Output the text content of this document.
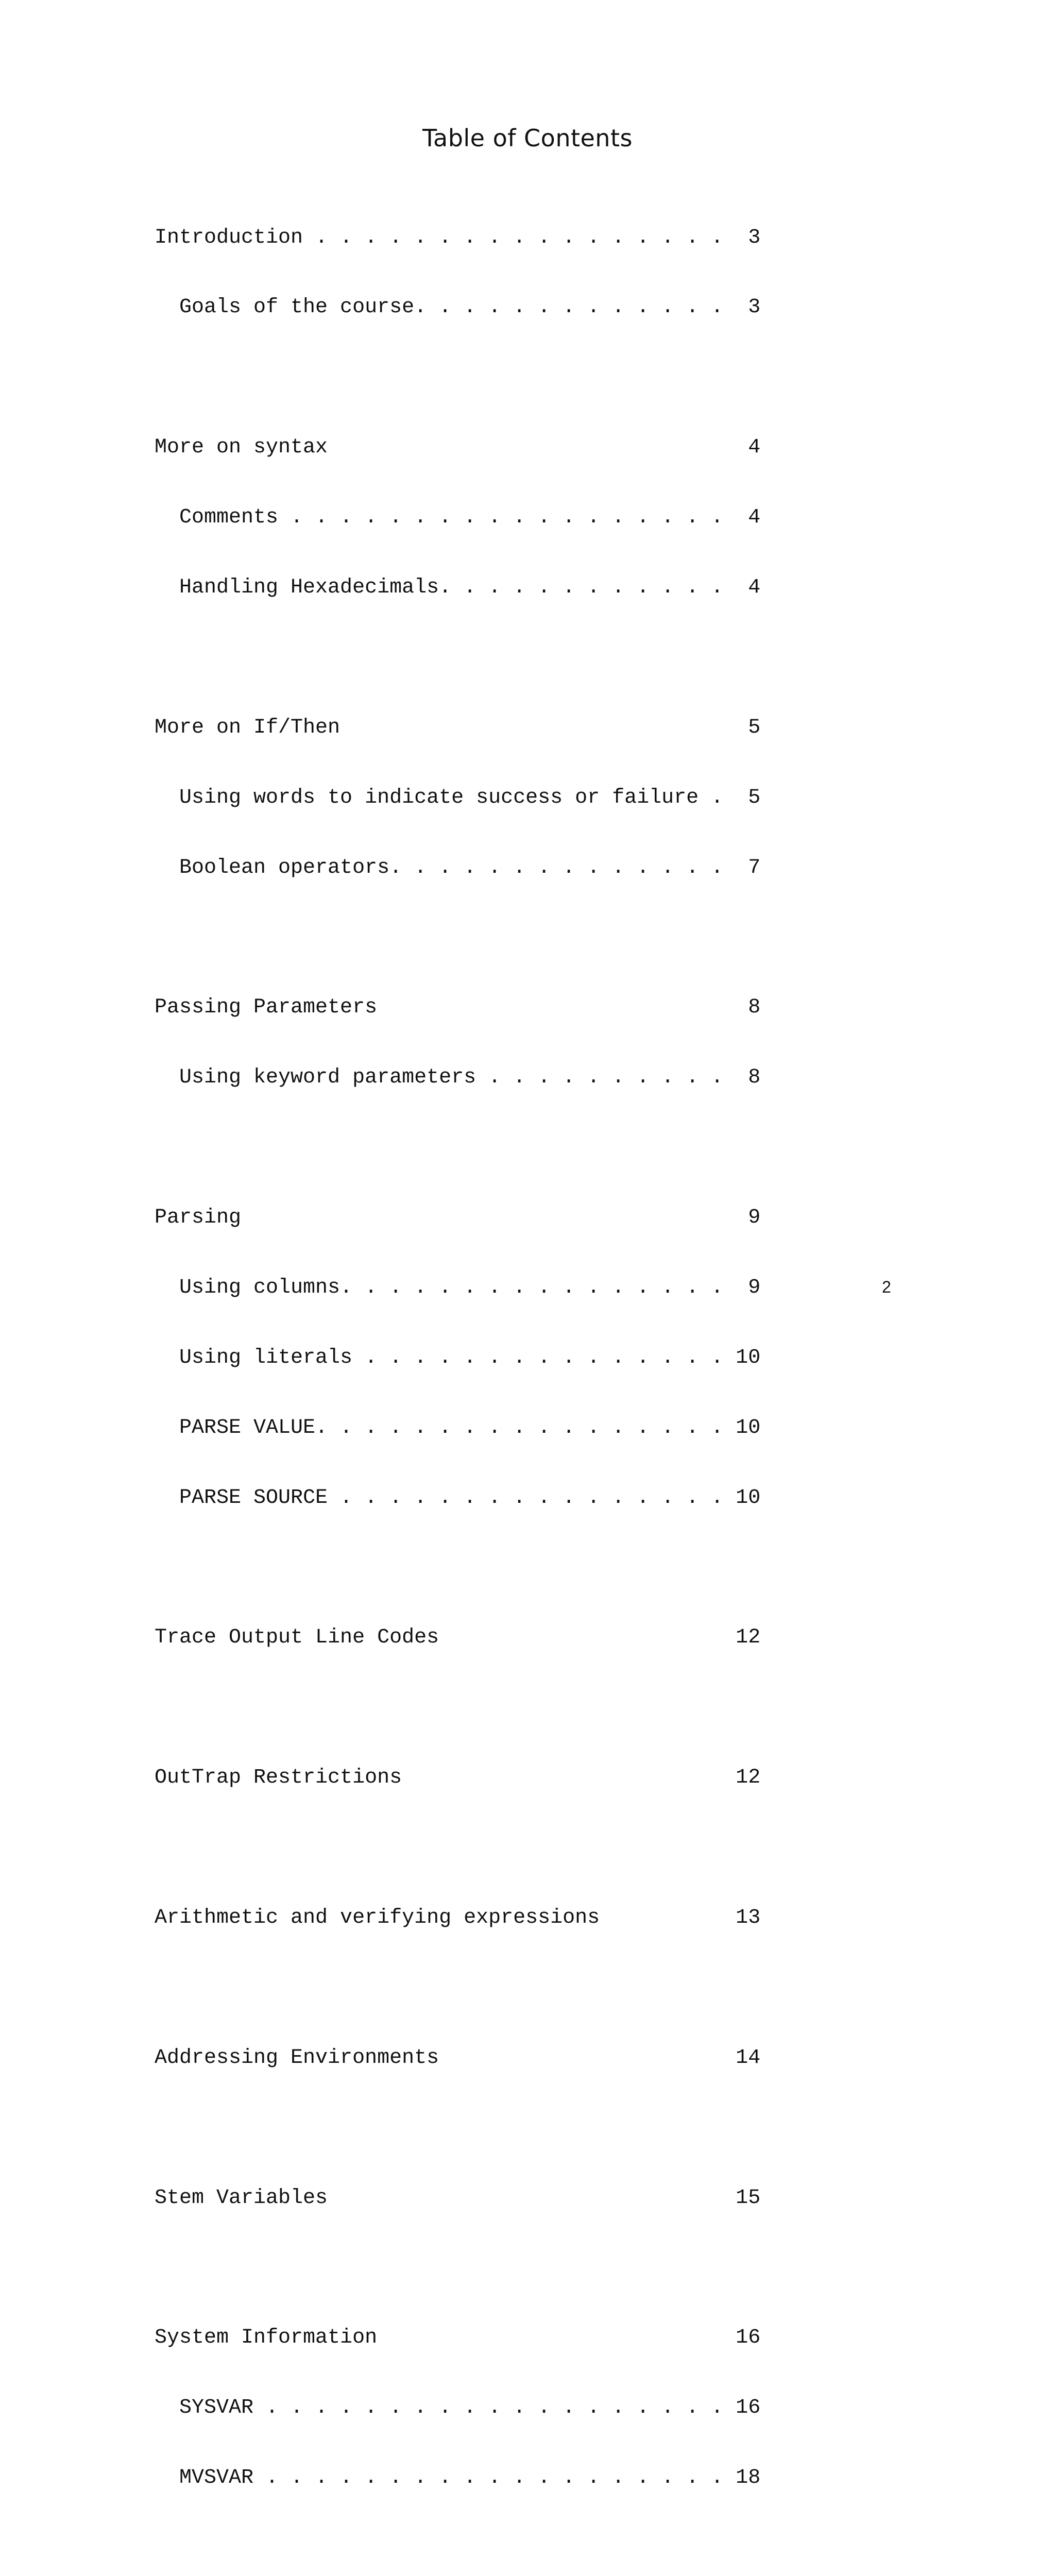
Table of Contents

Introduction . . . . . . . . . . . . . . . . .  3

Goals of the course. . . . . . . . . . . . .  3

More on syntax                                  4

Comments . . . . . . . . . . . . . . . . . .  4

Handling Hexadecimals. . . . . . . . . . . .  4

More on If/Then                                 5

Using words to indicate success or failure .  5

Boolean operators. . . . . . . . . . . . . .  7

Passing Parameters                              8

Using keyword parameters . . . . . . . . . .  8

Parsing                                         9

Using columns. . . . . . . . . . . . . . . .  9

Using literals . . . . . . . . . . . . . . . 10

PARSE VALUE. . . . . . . . . . . . . . . . . 10

PARSE SOURCE . . . . . . . . . . . . . . . . 10

Trace Output Line Codes                        12

OutTrap Restrictions                           12

Arithmetic and verifying expressions           13

Addressing Environments                        14

Stem Variables                                 15

System Information                             16

SYSVAR . . . . . . . . . . . . . . . . . . . 16

MVSVAR . . . . . . . . . . . . . . . . . . . 18

2
